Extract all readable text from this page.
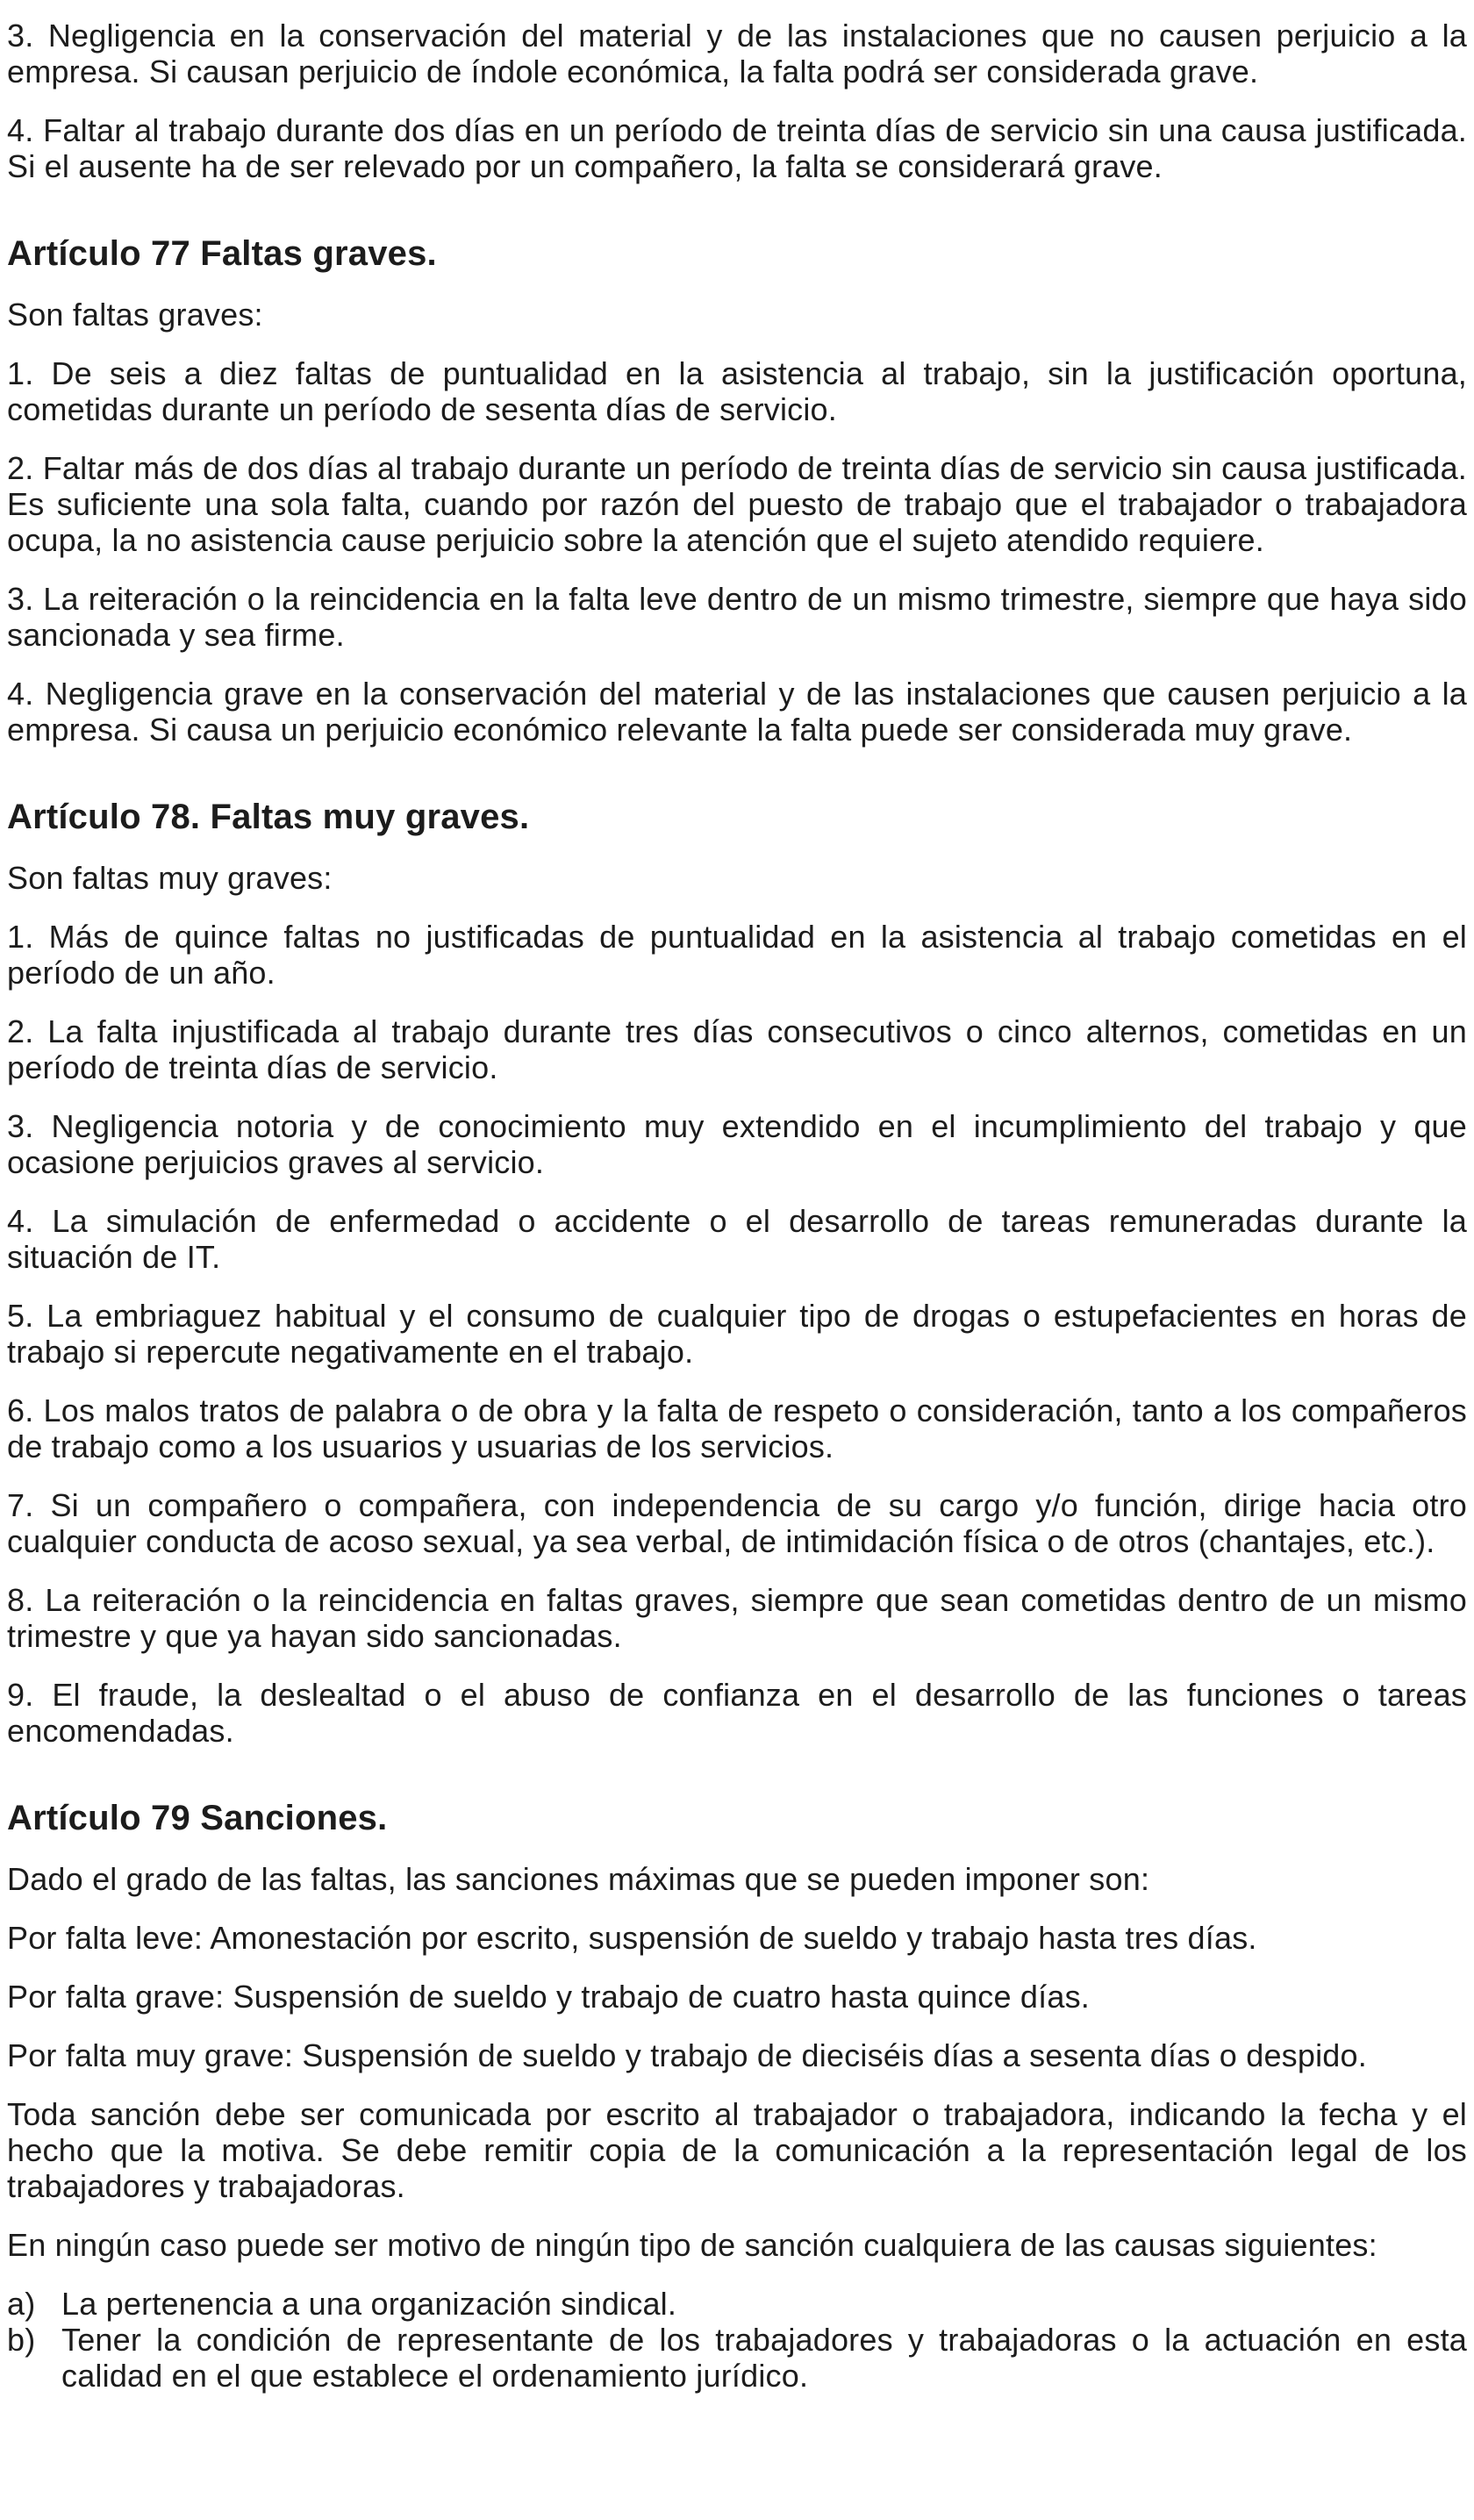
3. Negligencia en la conservación del material y de las instalaciones que no causen perjuicio a la empresa. Si causan perjuicio de índole económica, la falta podrá ser considerada grave.

4. Faltar al trabajo durante dos días en un período de treinta días de servicio sin una causa justificada. Si el ausente ha de ser relevado por un compañero, la falta se considerará grave.

Artículo 77 Faltas graves.

Son faltas graves:

1. De seis a diez faltas de puntualidad en la asistencia al trabajo, sin la justificación oportuna, cometidas durante un período de sesenta días de servicio.

2. Faltar más de dos días al trabajo durante un período de treinta días de servicio sin causa justificada. Es suficiente una sola falta, cuando por razón del puesto de trabajo que el trabajador o trabajadora ocupa, la no asistencia cause perjuicio sobre la atención que el sujeto atendido requiere.

3. La reiteración o la reincidencia en la falta leve dentro de un mismo trimestre, siempre que haya sido sancionada y sea firme.

4. Negligencia grave en la conservación del material y de las instalaciones que causen perjuicio a la empresa. Si causa un perjuicio económico relevante la falta puede ser considerada muy grave.

Artículo 78. Faltas muy graves.

Son faltas muy graves:

1. Más de quince faltas no justificadas de puntualidad en la asistencia al trabajo cometidas en el período de un año.

2. La falta injustificada al trabajo durante tres días consecutivos o cinco alternos, cometidas en un período de treinta días de servicio.

3. Negligencia notoria y de conocimiento muy extendido en el incumplimiento del trabajo y que ocasione perjuicios graves al servicio.

4. La simulación de enfermedad o accidente o el desarrollo de tareas remuneradas durante la situación de IT.

5. La embriaguez habitual y el consumo de cualquier tipo de drogas o estupefacientes en horas de trabajo si repercute negativamente en el trabajo.

6. Los malos tratos de palabra o de obra y la falta de respeto o consideración, tanto a los compañeros de trabajo como a los usuarios y usuarias de los servicios.

7. Si un compañero o compañera, con independencia de su cargo y/o función, dirige hacia otro cualquier conducta de acoso sexual, ya sea verbal, de intimidación física o de otros (chantajes, etc.).

8. La reiteración o la reincidencia en faltas graves, siempre que sean cometidas dentro de un mismo trimestre y que ya hayan sido sancionadas.

9. El fraude, la deslealtad o el abuso de confianza en el desarrollo de las funciones o tareas encomendadas.

Artículo 79 Sanciones.

Dado el grado de las faltas, las sanciones máximas que se pueden imponer son:

Por falta leve: Amonestación por escrito, suspensión de sueldo y trabajo hasta tres días.

Por falta grave: Suspensión de sueldo y trabajo de cuatro hasta quince días.

Por falta muy grave: Suspensión de sueldo y trabajo de dieciséis días a sesenta días o despido.

Toda sanción debe ser comunicada por escrito al trabajador o trabajadora, indicando la fecha y el hecho que la motiva. Se debe remitir copia de la comunicación a la representación legal de los trabajadores y trabajadoras.

En ningún caso puede ser motivo de ningún tipo de sanción cualquiera de las causas siguientes:

a) La pertenencia a una organización sindical.

b) Tener la condición de representante de los trabajadores y trabajadoras o la actuación en esta calidad en el que establece el ordenamiento jurídico.
